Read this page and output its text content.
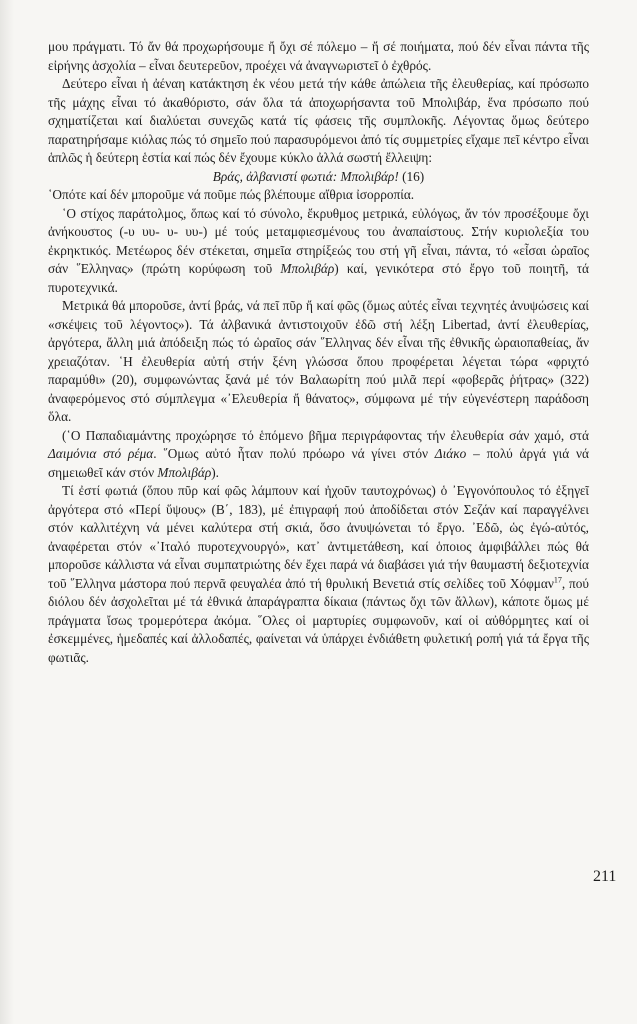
μου πράγματι. Τό ἄν θά προχωρήσουμε ἤ ὄχι σέ πόλεμο – ἤ σέ ποιήματα, πού δέν εἶναι πάντα τῆς εἰρήνης ἀσχολία – εἶναι δευτερεῦον, προέχει νά ἀναγνωριστεῖ ὁ ἐχθρός.

Δεύτερο εἶναι ἡ ἀέναη κατάκτηση ἐκ νέου μετά τήν κάθε ἀπώλεια τῆς ἐλευθερίας, καί πρόσωπο τῆς μάχης εἶναι τό ἀκαθόριστο, σάν ὅλα τά ἀποχωρήσαντα τοῦ Μπολιβάρ, ἕνα πρόσωπο πού σχηματίζεται καί διαλύεται συνεχῶς κατά τίς φάσεις τῆς συμπλοκῆς. Λέγοντας ὅμως δεύτερο παρατηρήσαμε κιόλας πώς τό σημεῖο πού παρασυρόμενοι ἀπό τίς συμμετρίες εἴχαμε πεῖ κέντρο εἶναι ἁπλῶς ἡ δεύτερη ἑστία καί πώς δέν ἔχουμε κύκλο ἀλλά σωστή ἔλλειψη:

Βράς, ἀλβανιστί φωτιά: Μπολιβάρ! (16)

῾Οπότε καί δέν μποροῦμε νά ποῦμε πώς βλέπουμε αἴθρια ἰσορροπία.

῾Ο στίχος παράτολμος, ὅπως καί τό σύνολο, ἔκρυθμος μετρικά, εὐλόγως, ἄν τόν προσέξουμε ὄχι ἀνήκουστος (-υ υυ- υ- υυ-) μέ τούς μεταμφιεσμένους του ἀναπαίστους. Στήν κυριολεξία του ἐκρηκτικός. Μετέωρος δέν στέκεται, σημεῖα στηρίξεώς του στή γῆ εἶναι, πάντα, τό «εἶσαι ὡραῖος σάν ῞Ελληνας» (πρώτη κορύφωση τοῦ Μπολιβάρ) καί, γενικότερα στό ἔργο τοῦ ποιητῆ, τά πυροτεχνικά.

Μετρικά θά μποροῦσε, ἀντί βράς, νά πεῖ πῦρ ἤ καί φῶς (ὅμως αὐτές εἶναι τεχνητές ἀνυψώσεις καί «σκέψεις τοῦ λέγοντος»). Τά ἀλβανικά ἀντιστοιχοῦν ἐδῶ στή λέξη Libertad, ἀντί ἐλευθερίας, ἀργότερα, ἄλλη μιά ἀπόδειξη πώς τό ὡραῖος σάν ῞Ελληνας δέν εἶναι τῆς ἐθνικῆς ὡραιοπαθείας, ἄν χρειαζόταν. ῾Η ἐλευθερία αὐτή στήν ξένη γλώσσα ὅπου προφέρεται λέγεται τώρα «φριχτό παραμύθι» (20), συμφωνώντας ξανά μέ τόν Βαλαωρίτη πού μιλᾶ περί «φοβερᾶς ῥήτρας» (322) ἀναφερόμενος στό σύμπλεγμα «᾿Ελευθερία ἤ θάνατος», σύμφωνα μέ τήν εὐγενέστερη παράδοση ὅλα.

(῾Ο Παπαδιαμάντης προχώρησε τό ἑπόμενο βῆμα περιγράφοντας τήν ἐλευθερία σάν χαμό, στά Δαιμόνια στό ρέμα. ῞Ομως αὐτό ἦταν πολύ πρόωρο νά γίνει στόν Διάκο – πολύ ἀργά γιά νά σημειωθεῖ κάν στόν Μπολιβάρ).

Τί ἐστί φωτιά (ὅπου πῦρ καί φῶς λάμπουν καί ἠχοῦν ταυτοχρόνως) ὁ ᾿Εγγονόπουλος τό ἐξηγεῖ ἀργότερα στό «Περί ὕψους» (Β΄, 183), μέ ἐπιγραφή πού ἀποδίδεται στόν Σεζάν καί παραγγέλνει στόν καλλιτέχνη νά μένει καλύτερα στή σκιά, ὅσο ἀνυψώνεται τό ἔργο. ᾿Εδῶ, ὡς ἐγώ-αὐτός, ἀναφέρεται στόν «᾿Ιταλό πυροτεχνουργό», κατ᾿ ἀντιμετάθεση, καί ὁποιος ἀμφιβάλλει πώς θά μποροῦσε κάλλιστα νά εἶναι συμπατριώτης δέν ἔχει παρά νά διαβάσει γιά τήν θαυμαστή δεξιοτεχνία τοῦ ῞Ελληνα μάστορα πού περνᾶ φευγαλέα ἀπό τή θρυλική Βενετιά στίς σελίδες τοῦ Χόφμαν$^{17}$, πού διόλου δέν ἀσχολεῖται μέ τά ἐθνικά ἀπαράγραπτα δίκαια (πάντως ὄχι τῶν ἄλλων), κάποτε ὅμως μέ πράγματα ἴσως τρομερότερα ἀκόμα. ῞Ολες οἱ μαρτυρίες συμφωνοῦν, καί οἱ αὐθόρμητες καί οἱ ἐσκεμμένες, ἡμεδαπές καί ἀλλοδαπές, φαίνεται νά ὑπάρχει ἐνδιάθετη φυλετική ροπή γιά τά ἔργα τῆς φωτιᾶς.

211
